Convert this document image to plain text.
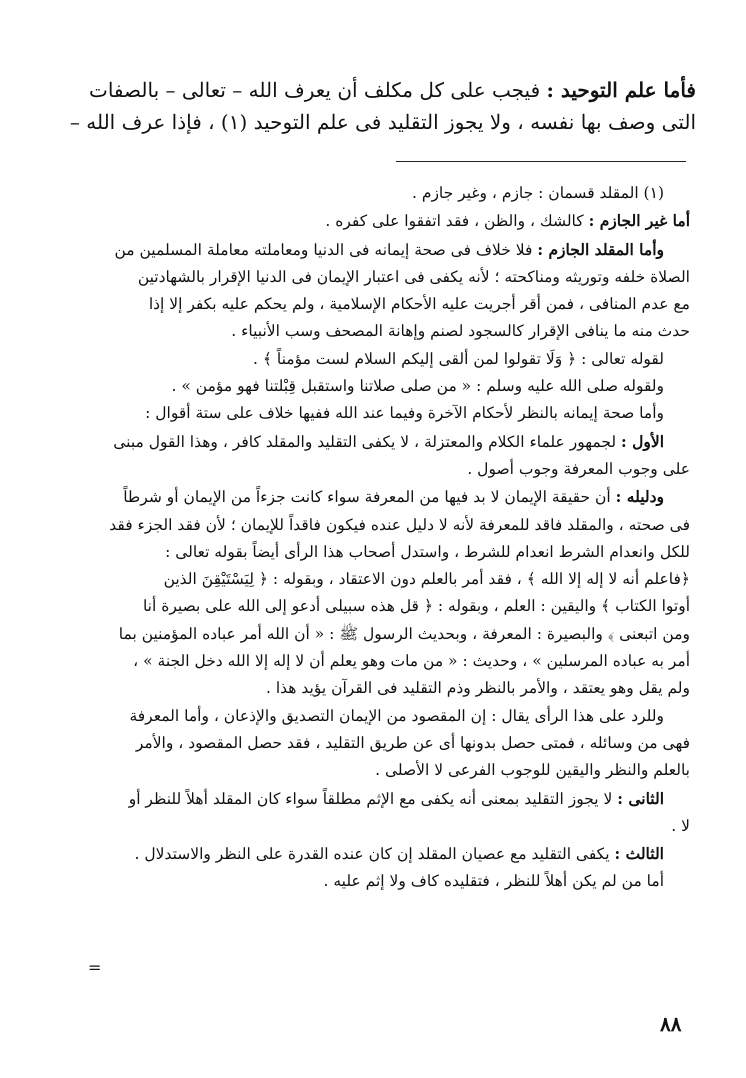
فأما علم التوحيد : فيجب على كل مكلف أن يعرف الله – تعالى – بالصفات
التى وصف بها نفسه ، ولا يجوز التقليد فى علم التوحيد (١) ، فإذا عرف الله –
(١) المقلد قسمان : جازم ، وغير جازم .
أما غير الجازم : كالشك ، والظن ، فقد اتفقوا على كفره .
وأما المقلد الجازم : فلا خلاف فى صحة إيمانه فى الدنيا ومعاملته معاملة المسلمين من
الصلاة خلفه وتوريثه ومناكحته ؛ لأنه يكفى فى اعتبار الإيمان فى الدنيا الإقرار بالشهادتين
مع عدم المنافى ، فمن أقر أجريت عليه الأحكام الإسلامية ، ولم يحكم عليه بكفر إلا إذا
حدث منه ما ينافى الإقرار كالسجود لصنم وإهانة المصحف وسب الأنبياء .
لقوله تعالى : ﴿ وَلَا تقولوا لمن ألقى إليكم السلام لست مؤمناً ﴾ .
ولقوله صلى الله عليه وسلم : « من صلى صلاتنا واستقبل قِبْلتنا فهو مؤمن » .
وأما صحة إيمانه بالنظر لأحكام الآخرة وفيما عند الله ففيها خلاف على ستة أقوال :
الأول : لجمهور علماء الكلام والمعتزلة ، لا يكفى التقليد والمقلد كافر ، وهذا القول مبنى
على وجوب المعرفة وجوب أصول .
ودليله : أن حقيقة الإيمان لا بد فيها من المعرفة سواء كانت جزءاً من الإيمان أو شرطاً
فى صحته ، والمقلد فاقد للمعرفة لأنه لا دليل عنده فيكون فاقداً للإيمان ؛ لأن فقد الجزء فقد
للكل وانعدام الشرط انعدام للشرط ، واستدل أصحاب هذا الرأى أيضاً بقوله تعالى :
﴿فاعلم أنه لا إله إلا الله ﴾ ، فقد أمر بالعلم دون الاعتقاد ، وبقوله : ﴿ لِيَسْتَيْقِنَ الذين
أوتوا الكتاب ﴾ واليقين : العلم ، وبقوله : ﴿ قل هذه سبيلى أدعو إلى الله على بصيرة أنا
ومن اتبعنى ﴾ والبصيرة : المعرفة ، وبحديث الرسول ﷺ : « أن الله أمر عباده المؤمنين بما
أمر به عباده المرسلين » ، وحديث : « من مات وهو يعلم أن لا إله إلا الله دخل الجنة » ،
ولم يقل وهو يعتقد ، والأمر بالنظر وذم التقليد فى القرآن يؤيد هذا .
وللرد على هذا الرأى يقال : إن المقصود من الإيمان التصديق والإذعان ، وأما المعرفة
فهى من وسائله ، فمتى حصل بدونها أى عن طريق التقليد ، فقد حصل المقصود ، والأمر
بالعلم والنظر واليقين للوجوب الفرعى لا الأصلى .
الثانى : لا يجوز التقليد بمعنى أنه يكفى مع الإثم مطلقاً سواء كان المقلد أهلاً للنظر أو
لا .
الثالث : يكفى التقليد مع عصيان المقلد إن كان عنده القدرة على النظر والاستدلال .
أما من لم يكن أهلاً للنظر ، فتقليده كاف ولا إثم عليه .
=
٨٨
